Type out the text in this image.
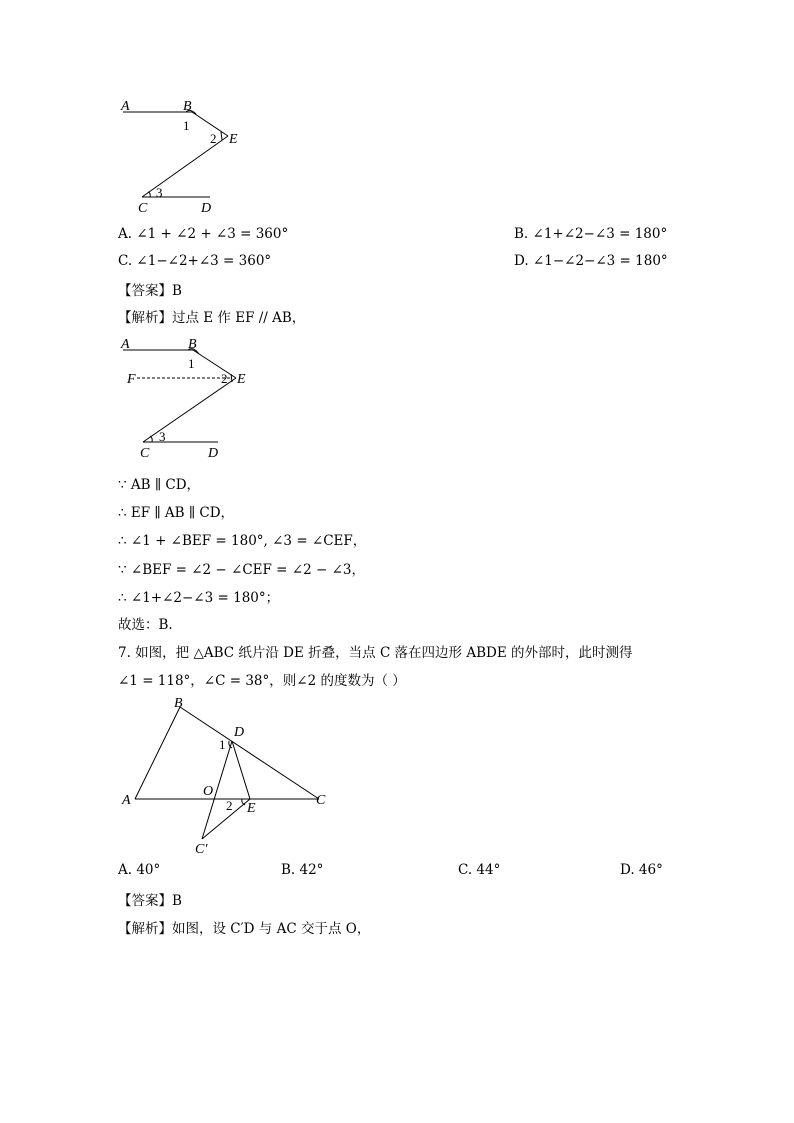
A	B
1
2 E
3
C	D
A. ∠1 + ∠2 + ∠3 = 360°	B. ∠1+∠2−∠3 = 180°
C. ∠1−∠2+∠3 = 360°	D. ∠1−∠2−∠3 = 180°
【答案】B
【解析】过点 E 作 EF // AB，
A	B
1
F	2 E
3
C	D
∵ AB ∥ CD，
∴ EF ∥ AB ∥ CD，
∴ ∠1 + ∠BEF = 180°, ∠3 = ∠CEF，
∵ ∠BEF = ∠2 − ∠CEF = ∠2 − ∠3，
∴ ∠1+∠2−∠3 = 180°；
故选：B.
7. 如图，把 △ABC 纸片沿 DE 折叠，当点 C 落在四边形 ABDE 的外部时，此时测得
∠1 = 118°，∠C = 38°，则∠2 的度数为（ ）
B
D
1
A
O
2 E
C
C′
A. 40°	B. 42°	C. 44°	D. 46°
【答案】B
【解析】如图，设 C′D 与 AC 交于点 O，
